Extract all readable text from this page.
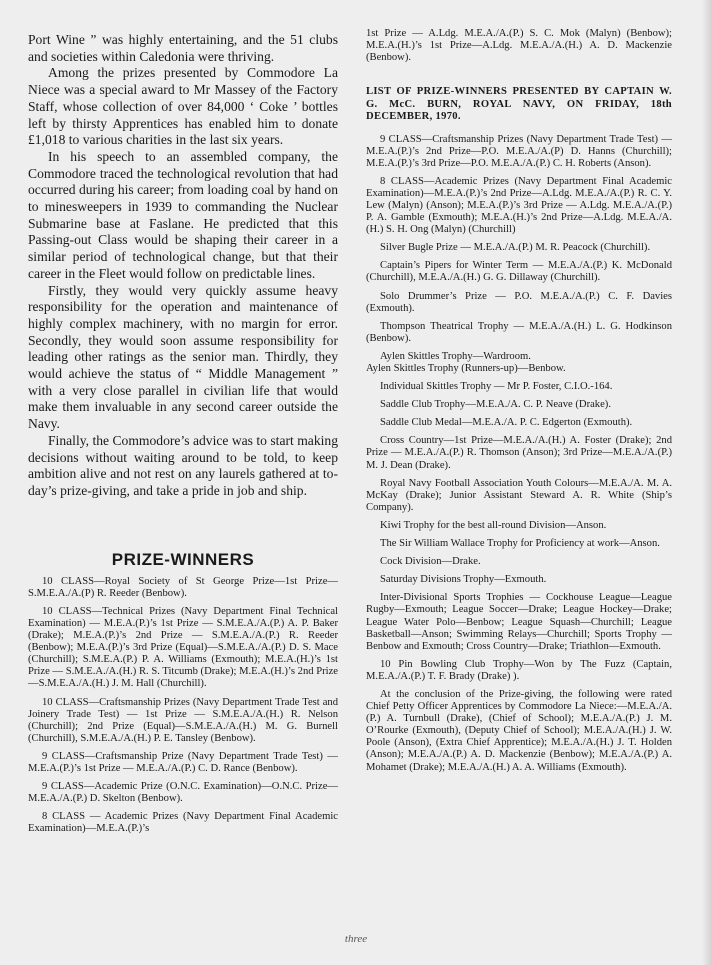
Port Wine ” was highly entertaining, and the 51 clubs and societies within Caledonia were thriving.

Among the prizes presented by Commodore La Niece was a special award to Mr Massey of the Factory Staff, whose collection of over 84,000 ‘ Coke ’ bottles left by thirsty Apprentices has enabled him to donate £1,018 to various charities in the last six years.

In his speech to an assembled company, the Commodore traced the technological revolution that had occurred during his career; from loading coal by hand on to minesweepers in 1939 to commanding the Nuclear Submarine base at Faslane. He predicted that this Passing-out Class would be shaping their career in a similar period of technological change, but that their career in the Fleet would follow on predictable lines.

Firstly, they would very quickly assume heavy responsibility for the operation and maintenance of highly complex machinery, with no margin for error. Secondly, they would soon assume responsibility for leading other ratings as the senior man. Thirdly, they would achieve the status of “ Middle Management ” with a very close parallel in civilian life that would make them invaluable in any second career outside the Navy.

Finally, the Commodore’s advice was to start making decisions without waiting around to be told, to keep ambition alive and not rest on any laurels gathered at to-day’s prize-giving, and take a pride in job and ship.

PRIZE-WINNERS

10 CLASS—Royal Society of St George Prize—1st Prize—S.M.E.A./A.(P) R. Reeder (Benbow).

10 CLASS—Technical Prizes (Navy Department Final Technical Examination) — M.E.A.(P.)’s 1st Prize — S.M.E.A./A.(P.) A. P. Baker (Drake); M.E.A.(P.)’s 2nd Prize — S.M.E.A./A.(P.) R. Reeder (Benbow); M.E.A.(P.)’s 3rd Prize (Equal)—S.M.E.A./A.(P.) D. S. Mace (Churchill); S.M.E.A.(P.) P. A. Williams (Exmouth); M.E.A.(H.)’s 1st Prize — S.M.E.A./A.(H.) R. S. Titcumb (Drake); M.E.A.(H.)’s 2nd Prize—S.M.E.A./A.(H.) J. M. Hall (Churchill).

10 CLASS—Craftsmanship Prizes (Navy Department Trade Test and Joinery Trade Test) — 1st Prize — S.M.E.A./A.(H.) R. Nelson (Churchill); 2nd Prize (Equal)—S.M.E.A./A.(H.) M. G. Burnell (Churchill), S.M.E.A./A.(H.) P. E. Tansley (Benbow).

9 CLASS—Craftsmanship Prize (Navy Department Trade Test) — M.E.A.(P.)’s 1st Prize — M.E.A./A.(P.) C. D. Rance (Benbow).

9 CLASS—Academic Prize (O.N.C. Examination)—O.N.C. Prize—M.E.A./A.(P.) D. Skelton (Benbow).

8 CLASS — Academic Prizes (Navy Department Final Academic Examination)—M.E.A.(P.)’s

1st Prize — A.Ldg. M.E.A./A.(P.) S. C. Mok (Malyn) (Benbow); M.E.A.(H.)’s 1st Prize—A.Ldg. M.E.A./A.(H.) A. D. Mackenzie (Benbow).

LIST OF PRIZE-WINNERS PRESENTED BY CAPTAIN W. G. McC. BURN, ROYAL NAVY, ON FRIDAY, 18th DECEMBER, 1970.

9 CLASS—Craftsmanship Prizes (Navy Department Trade Test) — M.E.A.(P.)’s 2nd Prize—P.O. M.E.A./A.(P) D. Hanns (Churchill); M.E.A.(P.)’s 3rd Prize—P.O. M.E.A./A.(P.) C. H. Roberts (Anson).

8 CLASS—Academic Prizes (Navy Department Final Academic Examination)—M.E.A.(P.)’s 2nd Prize—A.Ldg. M.E.A./A.(P.) R. C. Y. Lew (Malyn) (Anson); M.E.A.(P.)’s 3rd Prize — A.Ldg. M.E.A./A.(P.) P. A. Gamble (Exmouth); M.E.A.(H.)’s 2nd Prize—A.Ldg. M.E.A./A.(H.) S. H. Ong (Malyn) (Churchill)

Silver Bugle Prize — M.E.A./A.(P.) M. R. Peacock (Churchill).

Captain’s Pipers for Winter Term — M.E.A./A.(P.) K. McDonald (Churchill), M.E.A./A.(H.) G. G. Dillaway (Churchill).

Solo Drummer’s Prize — P.O. M.E.A./A.(P.) C. F. Davies (Exmouth).

Thompson Theatrical Trophy — M.E.A./A.(H.) L. G. Hodkinson (Benbow).

Aylen Skittles Trophy—Wardroom.
Aylen Skittles Trophy (Runners-up)—Benbow.

Individual Skittles Trophy — Mr P. Foster, C.I.O.-164.

Saddle Club Trophy—M.E.A./A. C. P. Neave (Drake).

Saddle Club Medal—M.E.A./A. P. C. Edgerton (Exmouth).

Cross Country—1st Prize—M.E.A./A.(H.) A. Foster (Drake); 2nd Prize — M.E.A./A.(P.) R. Thomson (Anson); 3rd Prize—M.E.A./A.(P.) M. J. Dean (Drake).

Royal Navy Football Association Youth Colours—M.E.A./A. M. A. McKay (Drake); Junior Assistant Steward A. R. White (Ship’s Company).

Kiwi Trophy for the best all-round Division—Anson.

The Sir William Wallace Trophy for Proficiency at work—Anson.

Cock Division—Drake.

Saturday Divisions Trophy—Exmouth.

Inter-Divisional Sports Trophies — Cockhouse League—League Rugby—Exmouth; League Soccer—Drake; League Hockey—Drake; League Water Polo—Benbow; League Squash—Churchill; League Basketball—Anson; Swimming Relays—Churchill; Sports Trophy — Benbow and Exmouth; Cross Country—Drake; Triathlon—Exmouth.

10 Pin Bowling Club Trophy—Won by The Fuzz (Captain, M.E.A./A.(P.) T. F. Brady (Drake) ).

At the conclusion of the Prize-giving, the following were rated Chief Petty Officer Apprentices by Commodore La Niece:—M.E.A./A.(P.) A. Turnbull (Drake), (Chief of School); M.E.A./A.(P.) J. M. O’Rourke (Exmouth), (Deputy Chief of School); M.E.A./A.(H.) J. W. Poole (Anson), (Extra Chief Apprentice); M.E.A./A.(H.) J. T. Holden (Anson); M.E.A./A.(P.) A. D. Mackenzie (Benbow); M.E.A./A.(P.) A. Mohamet (Drake); M.E.A./A.(H.) A. A. Williams (Exmouth).

three
